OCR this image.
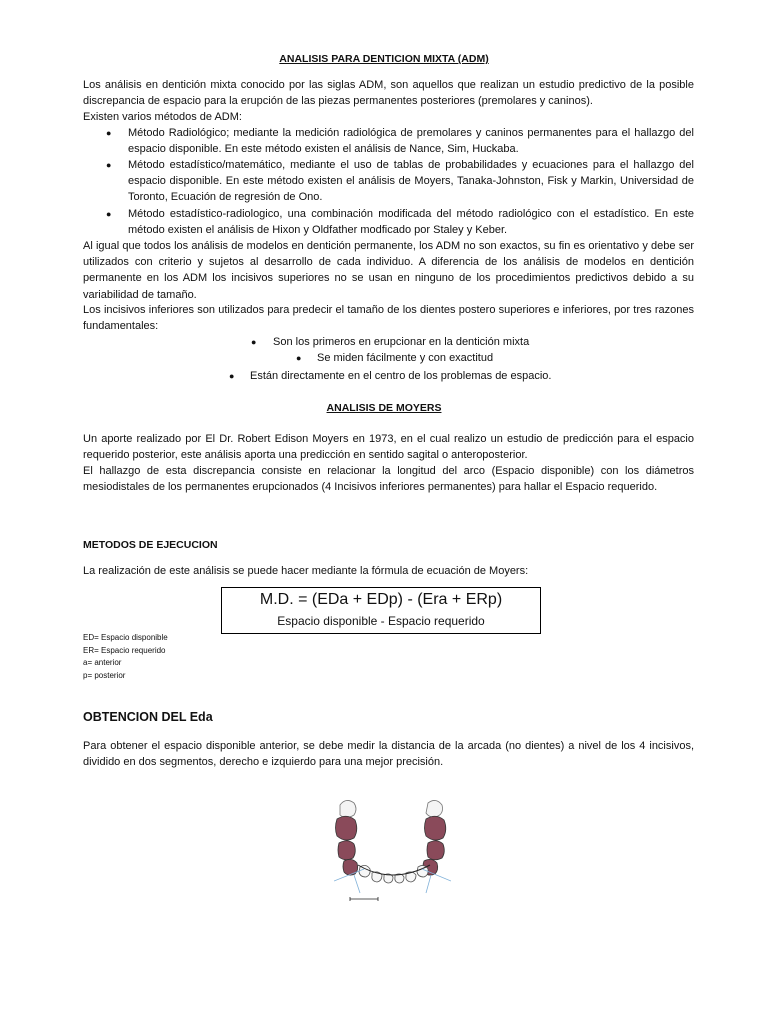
ANALISIS PARA DENTICION MIXTA (ADM)
Los análisis en dentición mixta conocido por las siglas ADM, son aquellos que realizan un estudio predictivo de la posible discrepancia de espacio para la erupción de las piezas permanentes posteriores (premolares y caninos).
Existen varios métodos de ADM:
● Método Radiológico; mediante la medición radiológica de premolares y caninos permanentes para el hallazgo del espacio disponible. En este método existen el análisis de Nance, Sim, Huckaba.
● Método estadístico/matemático, mediante el uso de tablas de probabilidades y ecuaciones para el hallazgo del espacio disponible. En este método existen el análisis de Moyers, Tanaka-Johnston, Fisk y Markin, Universidad de Toronto, Ecuación de regresión de Ono.
● Método estadístico-radiologico, una combinación modificada del método radiológico con el estadístico. En este método existen el análisis de Hixon y Oldfather modficado por Staley y Keber.
Al igual que todos los análisis de modelos en dentición permanente, los ADM no son exactos, su fin es orientativo y debe ser utilizados con criterio y sujetos al desarrollo de cada individuo. A diferencia de los análisis de modelos en dentición permanente en los ADM los incisivos superiores no se usan en ninguno de los procedimientos predictivos debido a su variabilidad de tamaño.
Los incisivos inferiores son utilizados para predecir el tamaño de los dientes postero superiores e inferiores, por tres razones fundamentales:
● Son los primeros en erupcionar en la dentición mixta
● Se miden fácilmente y con exactitud
● Están directamente en el centro de los problemas de espacio.
ANALISIS DE MOYERS
Un aporte realizado por El Dr. Robert Edison Moyers en 1973, en el cual realizo un estudio de predicción para el espacio requerido posterior, este análisis aporta una predicción en sentido sagital o anteroposterior.
El hallazgo de esta discrepancia consiste en relacionar la longitud del arco (Espacio disponible) con los diámetros mesiodistales de los permanentes erupcionados (4 Incisivos inferiores permanentes) para hallar el Espacio requerido.
METODOS DE EJECUCION
La realización de este análisis se puede hacer mediante la fórmula de ecuación de Moyers:
M.D. = (EDa + EDp) - (Era + ERp)
Espacio disponible - Espacio requerido
ED= Espacio disponible
ER= Espacio requerido
a= anterior
p= posterior
OBTENCION DEL Eda
Para obtener el espacio disponible anterior, se debe medir la distancia de la arcada (no dientes) a nivel de los 4 incisivos, dividido en dos segmentos, derecho e izquierdo para una mejor precisión.
